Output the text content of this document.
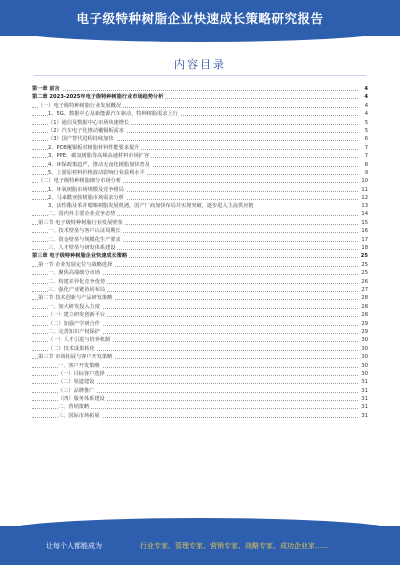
电子级特种树脂企业快速成长策略研究报告
内容目录
第一章 前言	4
第二章 2023-2025年电子级特种树脂行业市场趋势分析	4
（一）电子级特种树脂行业发展概况	4
1、5G、数据中心及新能源汽车驱动，特种树脂需求上行	4
（1）通信及数据中心市场快速增长	5
（2）汽车电子化推动覆铜板需求	5
（3）国产替代进程持续加快	6
2、PCB覆铜板对树脂材料性能要求提升	7
3、PPE、碳氢树脂等高频高速材料市场扩容	7
4、环保政策趋严，推动无卤化树脂加快普及	8
5、上游原材料价格波动影响行业盈利水平	9
（二）电子级特种树脂细分市场分析	10
1、环氧树脂市场规模及竞争格局	11
2、马来酰亚胺树脂市场需求分析	12
3、活性酯及苯并噁嗪树脂发展机遇，国产厂商加快布局并实现突破，逐步进入主流供应链	13
二、国内外主要企业竞争态势	14
第三节 电子级特种树脂行业发展壁垒	15
一、技术壁垒与客户认证周期长	16
二、资金壁垒与规模化生产要求	17
三、人才壁垒与研发体系建设	18
第三章 电子级特种树脂企业快速成长策略	25
第一节 企业发展定位与战略选择	25
一、聚焦高端细分市场	25
二、构建差异化竞争优势	26
三、强化产业链协同布局	27
第二节 技术创新与产品研发策略	28
一、加大研发投入力度	28
（一）建立研发创新平台	28
（二）加强产学研合作	29
二、完善知识产权保护	29
（一）人才引进与培养机制	30
（二）技术成果转化	30
第三节 市场拓展与客户开发策略	30
一、客户开发策略	30
（一）目标客户选择	30
（二）渠道建设	31
（三）品牌推广	31
（四）服务体系建设	31
二、营销策略	31
三、国际市场拓展	31
让每个人都能成为	行业专家、管理专家、营销专家、战略专家、成功企业家……
